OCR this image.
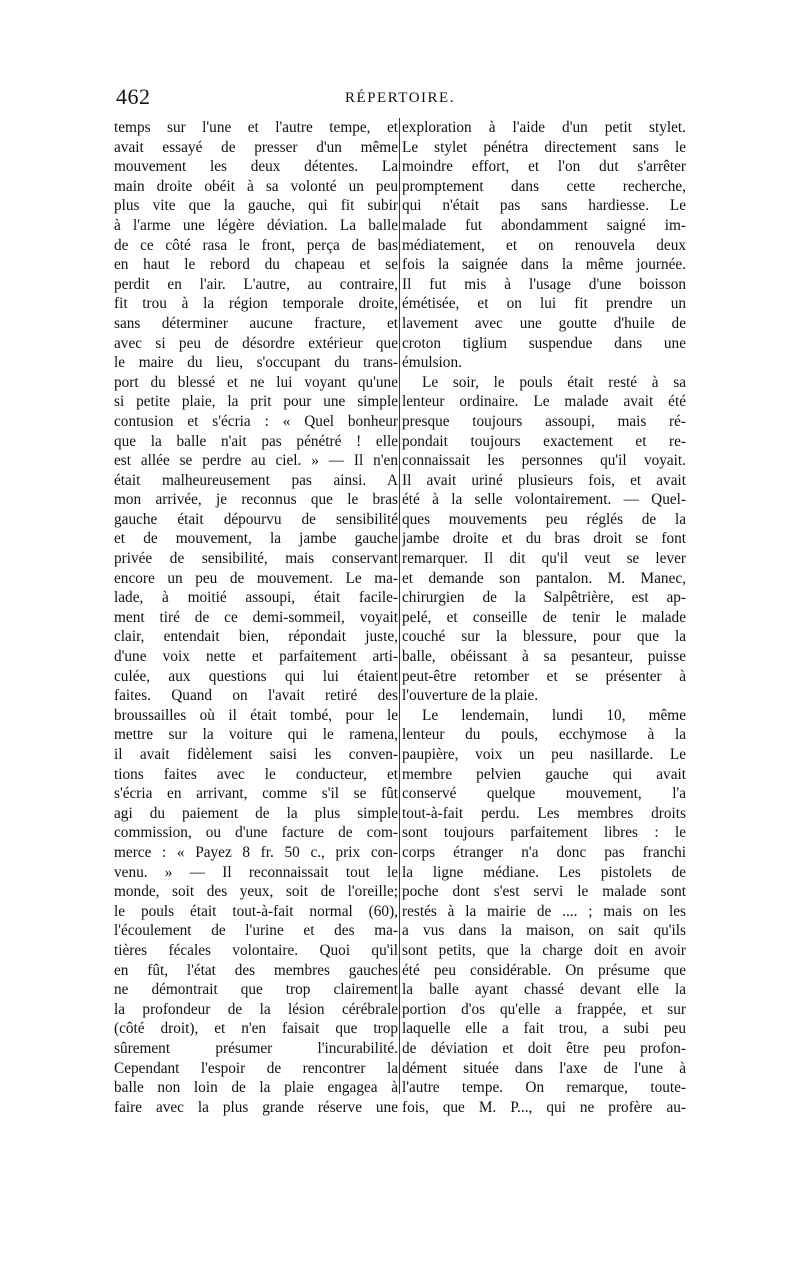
462	RÉPERTOIRE.
temps sur l'une et l'autre tempe, et
avait essayé de presser d'un même
mouvement les deux détentes. La
main droite obéit à sa volonté un peu
plus vite que la gauche, qui fit subir
à l'arme une légère déviation. La balle
de ce côté rasa le front, perça de bas
en haut le rebord du chapeau et se
perdit en l'air. L'autre, au contraire,
fit trou à la région temporale droite,
sans déterminer aucune fracture, et
avec si peu de désordre extérieur que
le maire du lieu, s'occupant du trans-
port du blessé et ne lui voyant qu'une
si petite plaie, la prit pour une simple
contusion et s'écria : « Quel bonheur
que la balle n'ait pas pénétré ! elle
est allée se perdre au ciel. » — Il n'en
était malheureusement pas ainsi. A
mon arrivée, je reconnus que le bras
gauche était dépourvu de sensibilité
et de mouvement, la jambe gauche
privée de sensibilité, mais conservant
encore un peu de mouvement. Le ma-
lade, à moitié assoupi, était facile-
ment tiré de ce demi-sommeil, voyait
clair, entendait bien, répondait juste,
d'une voix nette et parfaitement arti-
culée, aux questions qui lui étaient
faites. Quand on l'avait retiré des
broussailles où il était tombé, pour le
mettre sur la voiture qui le ramena,
il avait fidèlement saisi les conven-
tions faites avec le conducteur, et
s'écria en arrivant, comme s'il se fût
agi du paiement de la plus simple
commission, ou d'une facture de com-
merce : « Payez 8 fr. 50 c., prix con-
venu. » — Il reconnaissait tout le
monde, soit des yeux, soit de l'oreille;
le pouls était tout-à-fait normal (60),
l'écoulement de l'urine et des ma-
tières fécales volontaire. Quoi qu'il
en fût, l'état des membres gauches
ne démontrait que trop clairement
la profondeur de la lésion cérébrale
(côté droit), et n'en faisait que trop
sûrement présumer l'incurabilité.
Cependant l'espoir de rencontrer la
balle non loin de la plaie engagea à
faire avec la plus grande réserve une
exploration à l'aide d'un petit stylet.
Le stylet pénétra directement sans le
moindre effort, et l'on dut s'arrêter
promptement dans cette recherche,
qui n'était pas sans hardiesse. Le
malade fut abondamment saigné im-
médiatement, et on renouvela deux
fois la saignée dans la même journée.
Il fut mis à l'usage d'une boisson
émétisée, et on lui fit prendre un
lavement avec une goutte d'huile de
croton tiglium suspendue dans une
émulsion.
Le soir, le pouls était resté à sa
lenteur ordinaire. Le malade avait été
presque toujours assoupi, mais ré-
pondait toujours exactement et re-
connaissait les personnes qu'il voyait.
Il avait uriné plusieurs fois, et avait
été à la selle volontairement. — Quel-
ques mouvements peu réglés de la
jambe droite et du bras droit se font
remarquer. Il dit qu'il veut se lever
et demande son pantalon. M. Manec,
chirurgien de la Salpêtrière, est ap-
pelé, et conseille de tenir le malade
couché sur la blessure, pour que la
balle, obéissant à sa pesanteur, puisse
peut-être retomber et se présenter à
l'ouverture de la plaie.
Le lendemain, lundi 10, même
lenteur du pouls, ecchymose à la
paupière, voix un peu nasillarde. Le
membre pelvien gauche qui avait
conservé quelque mouvement, l'a
tout-à-fait perdu. Les membres droits
sont toujours parfaitement libres : le
corps étranger n'a donc pas franchi
la ligne médiane. Les pistolets de
poche dont s'est servi le malade sont
restés à la mairie de .... ; mais on les
a vus dans la maison, on sait qu'ils
sont petits, que la charge doit en avoir
été peu considérable. On présume que
la balle ayant chassé devant elle la
portion d'os qu'elle a frappée, et sur
laquelle elle a fait trou, a subi peu
de déviation et doit être peu profon-
dément située dans l'axe de l'une à
l'autre tempe. On remarque, toute-
fois, que M. P..., qui ne profère au-
